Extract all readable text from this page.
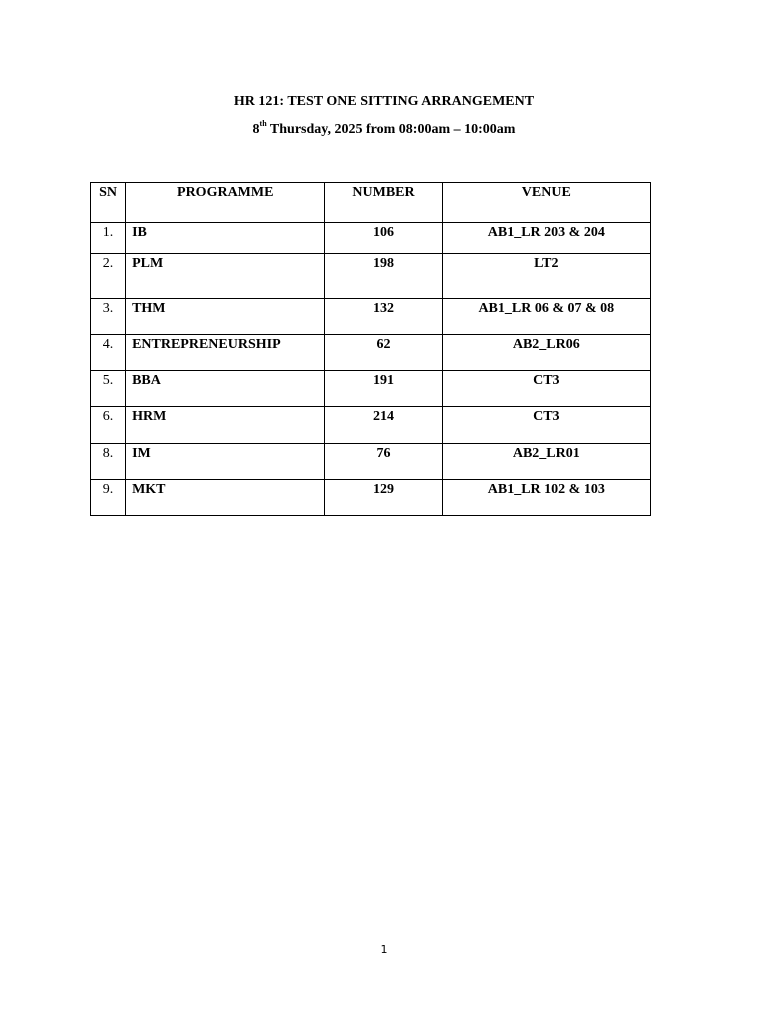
HR 121: TEST ONE SITTING ARRANGEMENT
8th Thursday, 2025 from 08:00am – 10:00am
SN	PROGRAMME	NUMBER	VENUE
1.	IB	106	AB1_LR 203 & 204
2.	PLM	198	LT2
3.	THM	132	AB1_LR 06 & 07 & 08
4.	ENTREPRENEURSHIP	62	AB2_LR06
5.	BBA	191	CT3
6.	HRM	214	CT3
8.	IM	76	AB2_LR01
9.	MKT	129	AB1_LR 102 & 103
1
